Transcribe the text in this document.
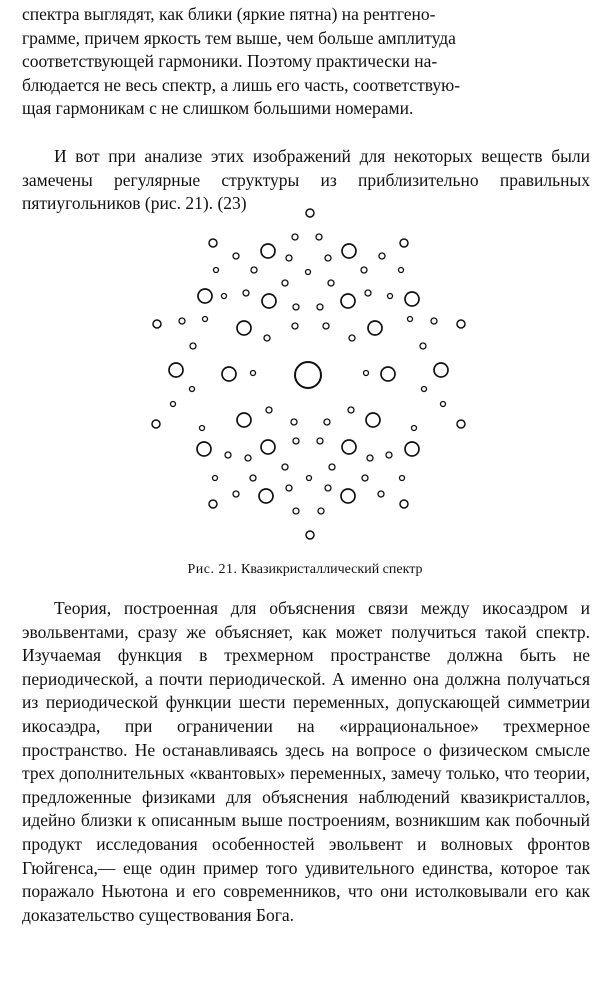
спектра выглядят, как блики (яркие пятна) на рентгено-
грамме, причем яркость тем выше, чем больше амплитуда
соответствующей гармоники. Поэтому практически на-
блюдается не весь спектр, а лишь его часть, соответствую-
щая гармоникам с не слишком большими номерами.

И вот при анализе этих изображений для некоторых веществ были замечены регулярные структуры из приблизительно правильных пятиугольников (рис. 21). (23)

Рис. 21. Квазикристаллический спектр

Теория, построенная для объяснения связи между икосаэдром и эвольвентами, сразу же объясняет, как может получиться такой спектр. Изучаемая функция в трехмерном пространстве должна быть не периодической, а почти периодической. А именно она должна получаться из периодической функции шести переменных, допускающей симметрии икосаэдра, при ограничении на «иррациональное» трехмерное пространство. Не останавливаясь здесь на вопросе о физическом смысле трех дополнительных «квантовых» переменных, замечу только, что теории, предложенные физиками для объяснения наблюдений квазикристаллов, идейно близки к описанным выше построениям, возникшим как побочный продукт исследования особенностей эвольвент и волновых фронтов Гюйгенса,— еще один пример того удивительного единства, которое так поражало Ньютона и его современников, что они истолковывали его как доказательство существования Бога.
